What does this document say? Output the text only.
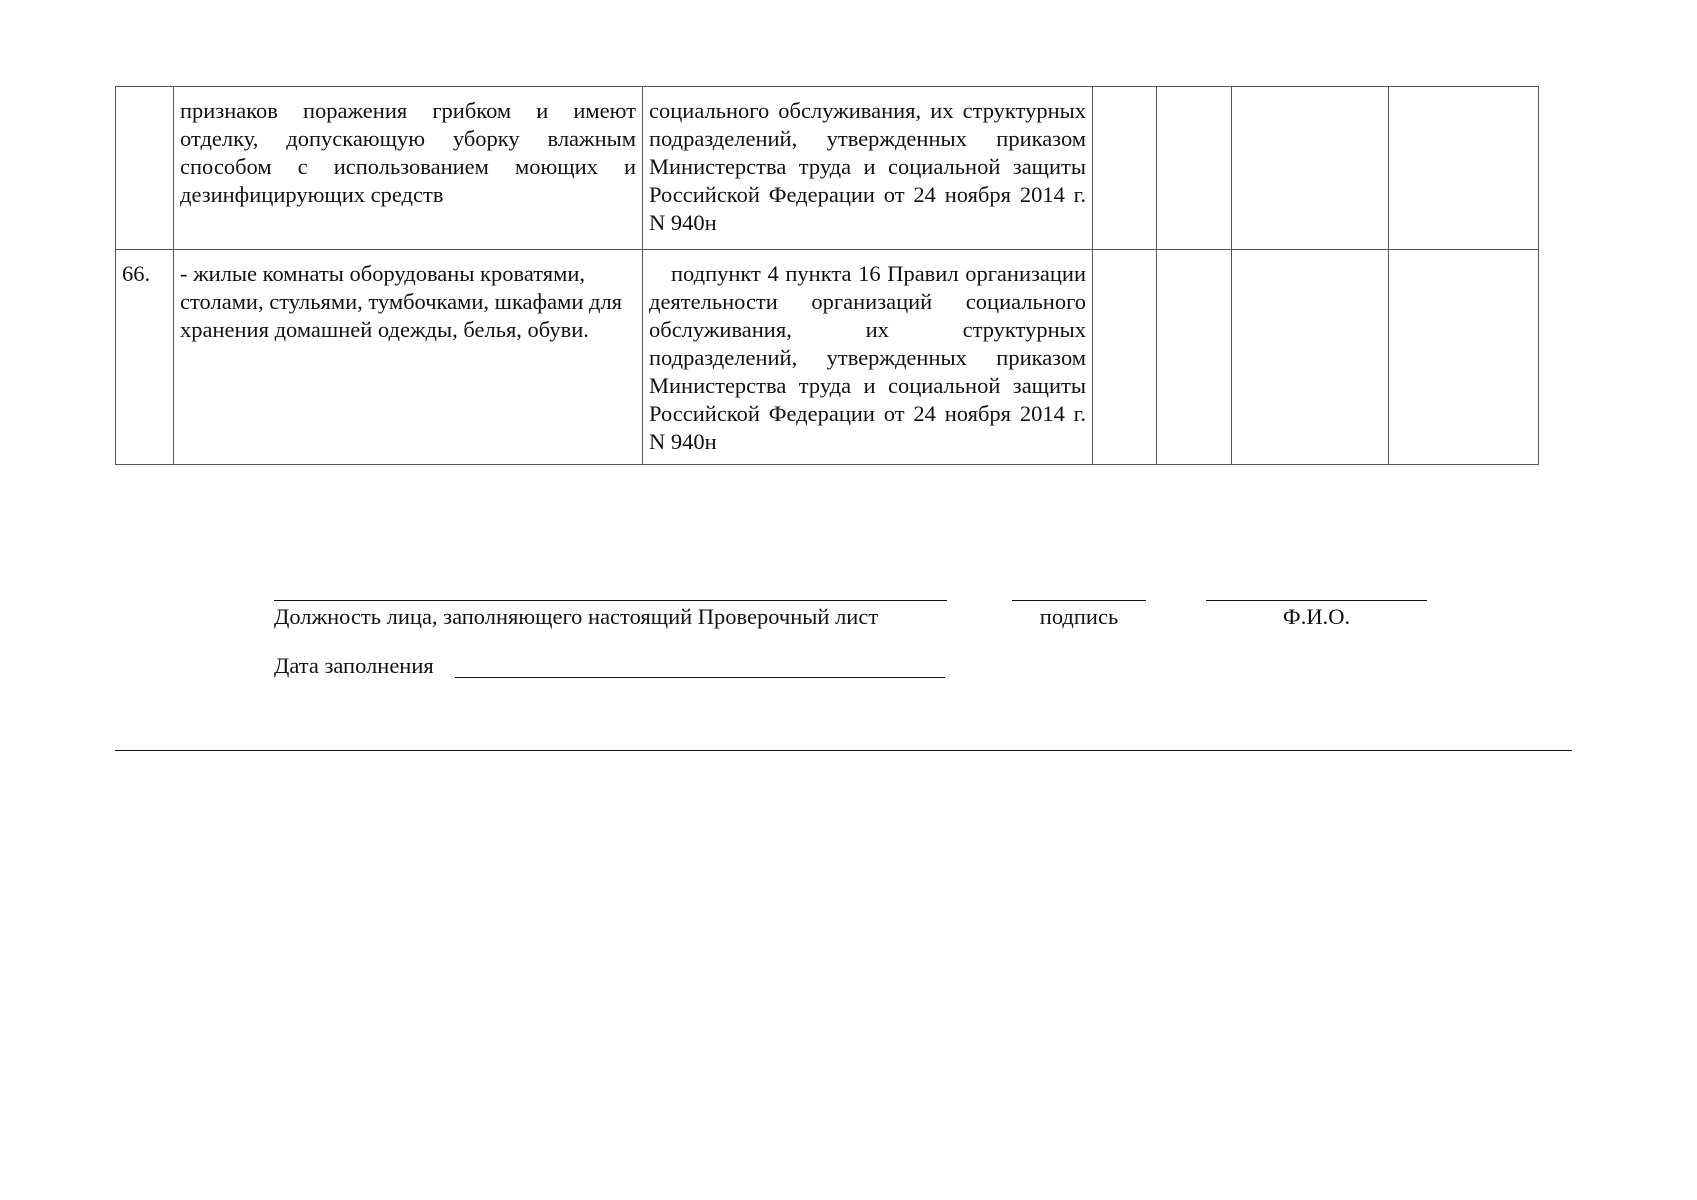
	признаков поражения грибком и имеют отделку, допускающую уборку влажным способом с использованием моющих и дезинфицирующих средств	социального обслуживания, их структурных подразделений, утвержденных приказом Министерства труда и социальной защиты Российской Федерации от 24 ноября 2014 г. N 940н				
66.	- жилые комнаты оборудованы кроватями, столами, стульями, тумбочками, шкафами для хранения домашней одежды, белья, обуви.	подпункт 4 пункта 16 Правил организации деятельности организаций социального обслуживания, их структурных подразделений, утвержденных приказом Министерства труда и социальной защиты Российской Федерации от 24 ноября 2014 г. N 940н				
Должность лица, заполняющего настоящий Проверочный лист	подпись	Ф.И.О.
Дата заполнения
